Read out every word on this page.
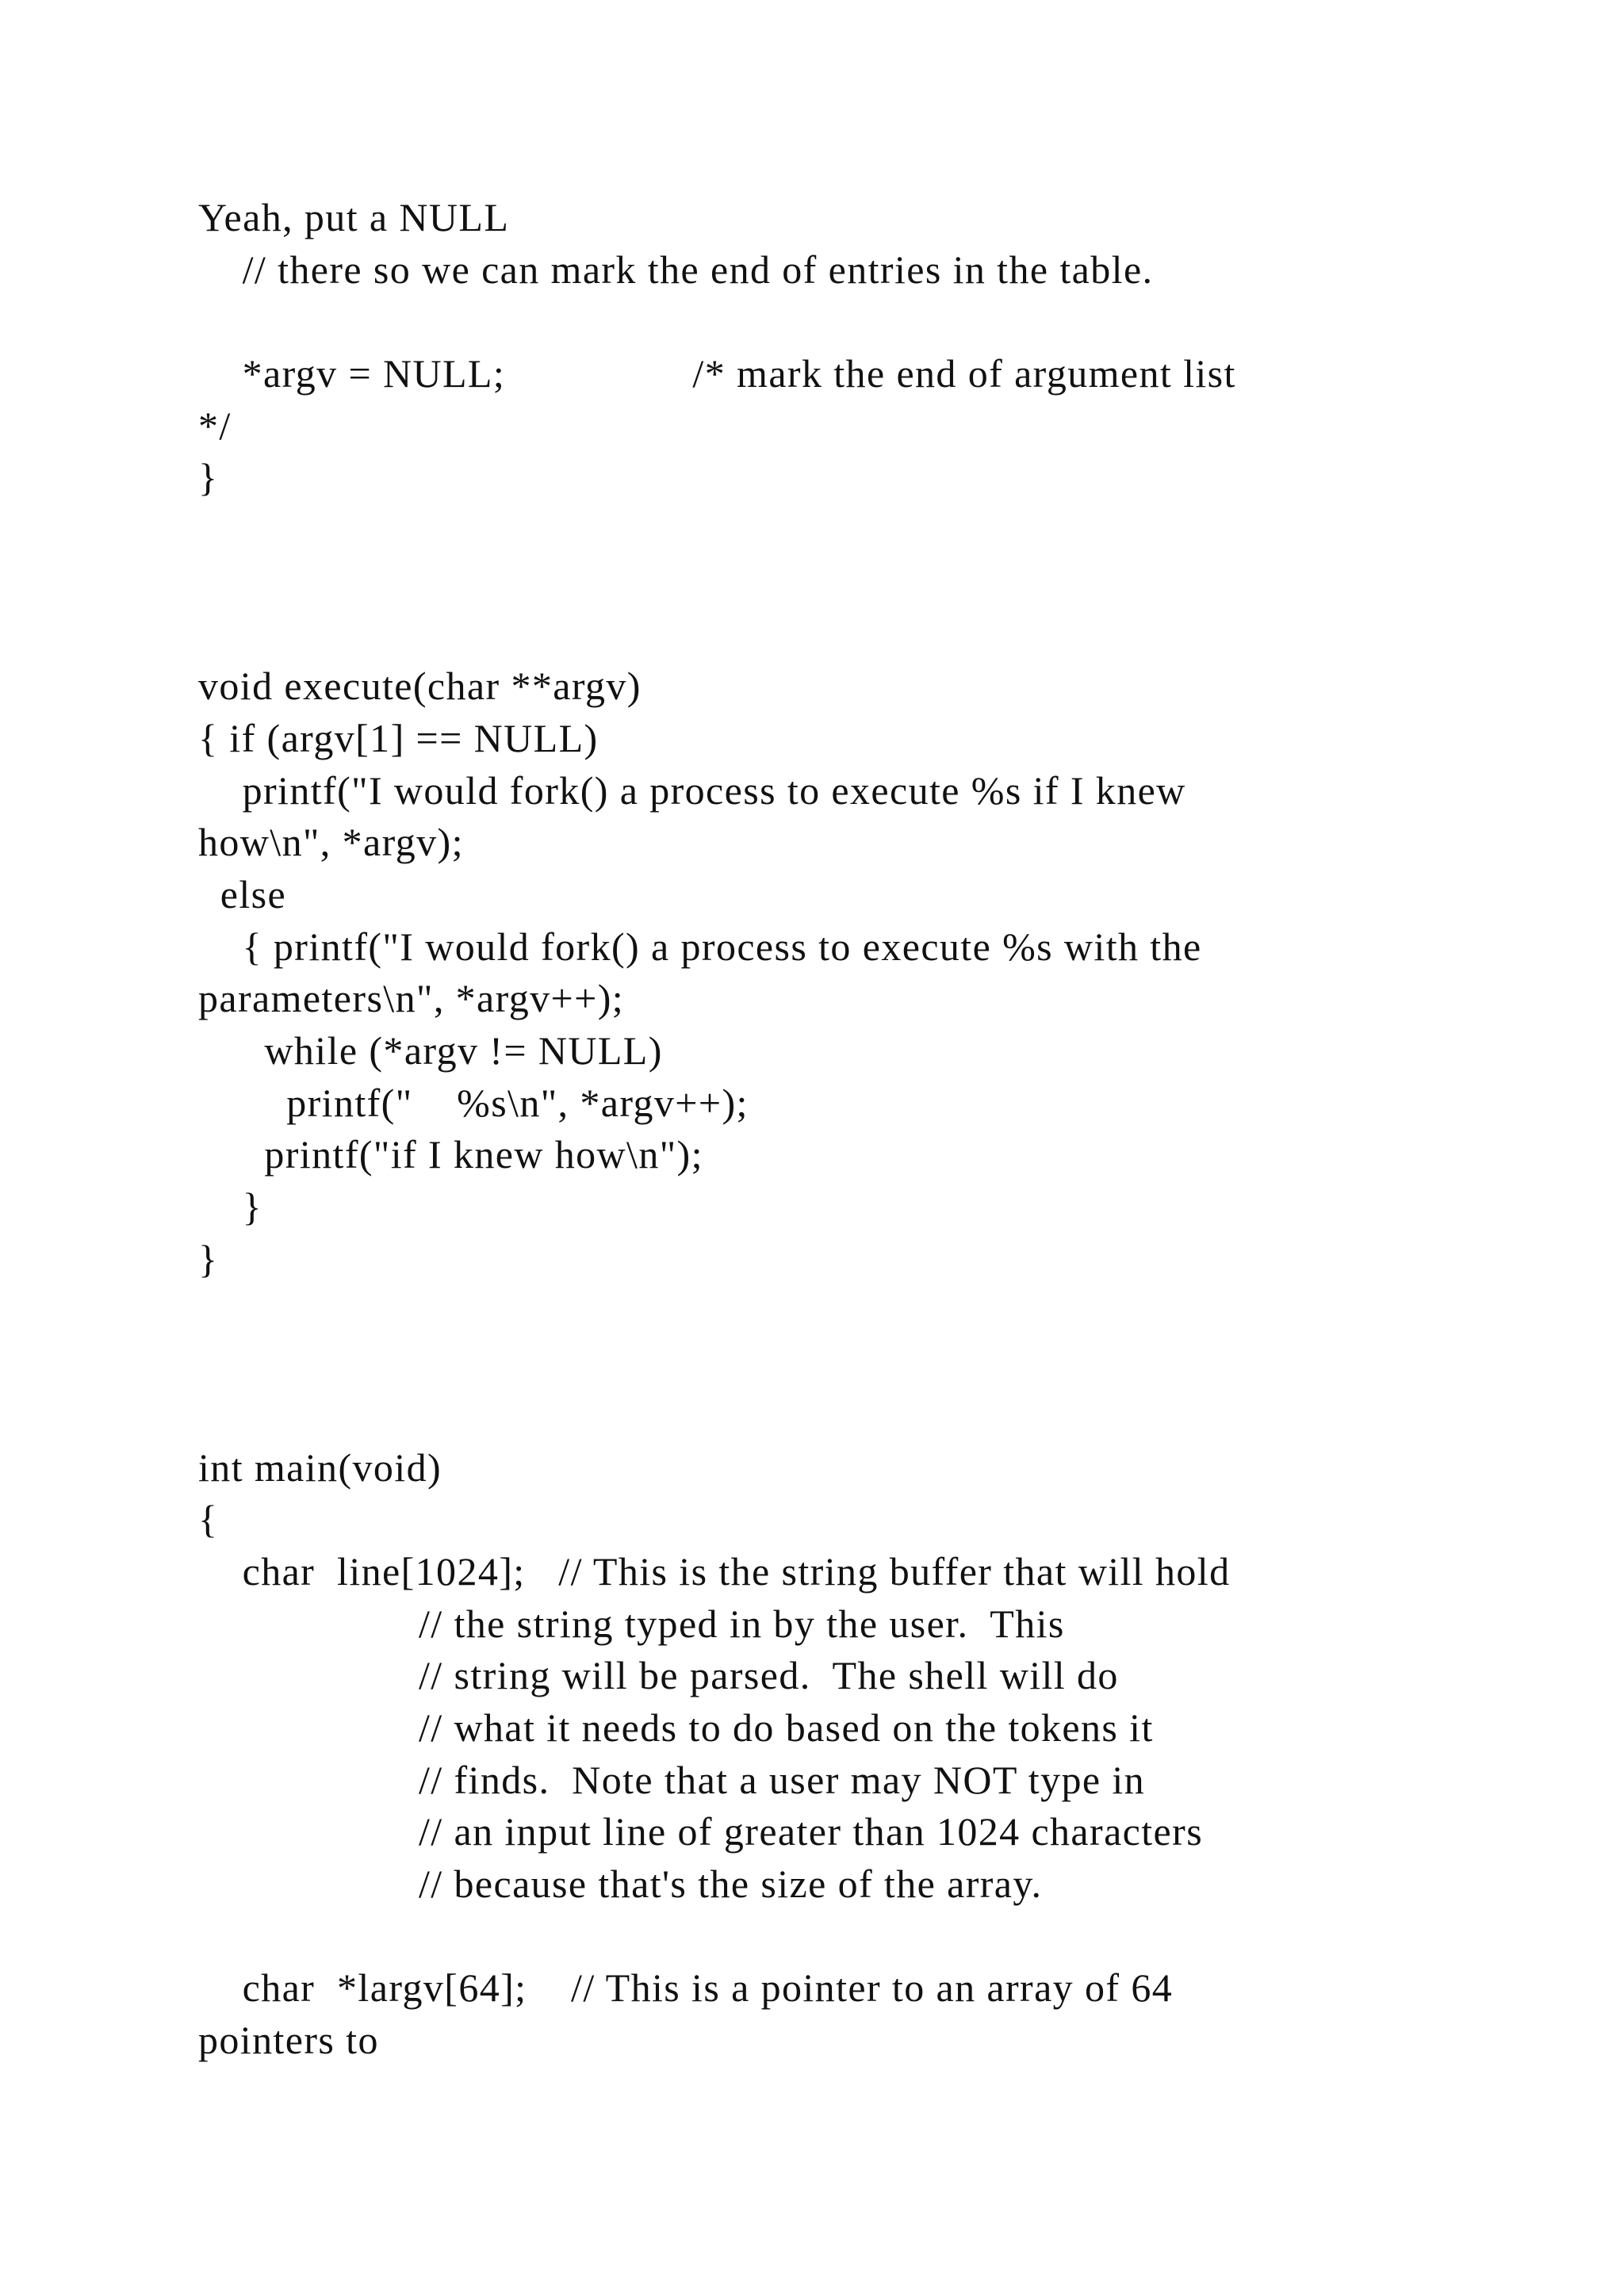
Yeah, put a NULL
// there so we can mark the end of entries in the table.
*argv = NULL;                 /* mark the end of argument list
*/
}
void execute(char **argv)
{ if (argv[1] == NULL)
printf("I would fork() a process to execute %s if I knew
how\n", *argv);
else
{ printf("I would fork() a process to execute %s with the
parameters\n", *argv++);
while (*argv != NULL)
printf("    %s\n", *argv++);
printf("if I knew how\n");
}
}
int main(void)
{
char  line[1024];   // This is the string buffer that will hold
// the string typed in by the user.  This
// string will be parsed.  The shell will do
// what it needs to do based on the tokens it
// finds.  Note that a user may NOT type in
// an input line of greater than 1024 characters
// because that's the size of the array.
char  *largv[64];    // This is a pointer to an array of 64
pointers to
